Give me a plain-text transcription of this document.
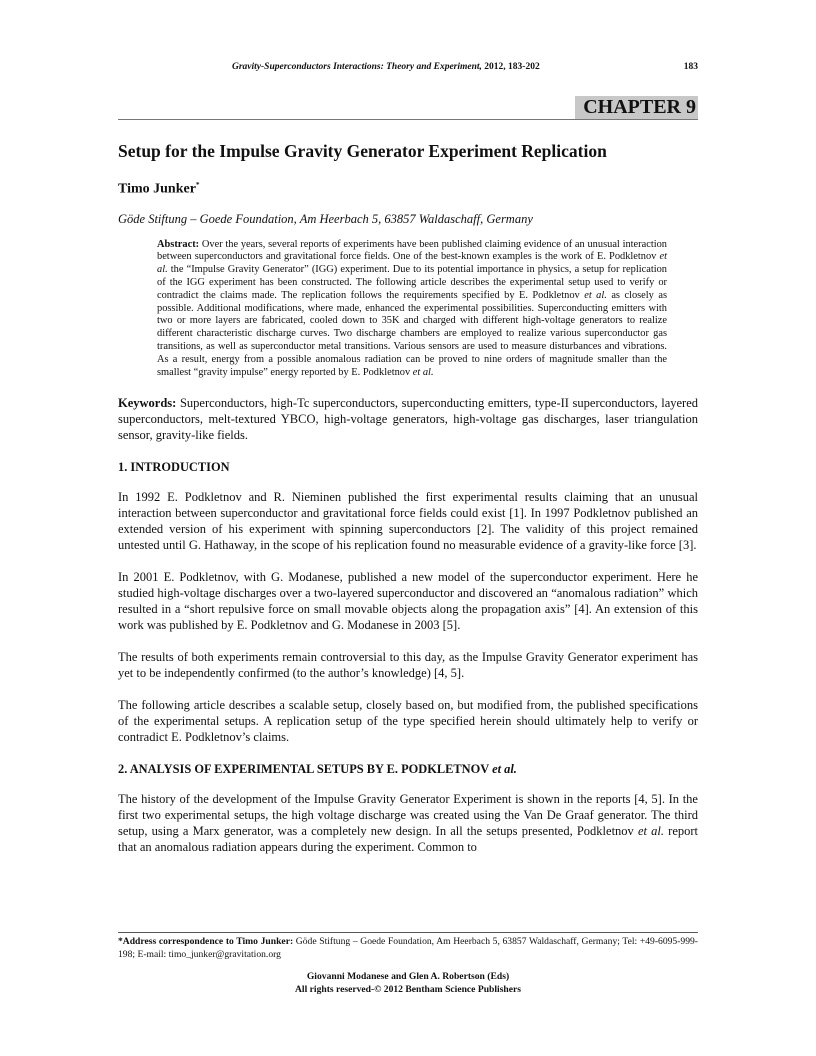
Gravity-Superconductors Interactions: Theory and Experiment, 2012, 183-202	183
CHAPTER 9
Setup for the Impulse Gravity Generator Experiment Replication
Timo Junker*
Göde Stiftung – Goede Foundation, Am Heerbach 5, 63857 Waldaschaff, Germany
Abstract: Over the years, several reports of experiments have been published claiming evidence of an unusual interaction between superconductors and gravitational force fields. One of the best-known examples is the work of E. Podkletnov et al. the “Impulse Gravity Generator” (IGG) experiment. Due to its potential importance in physics, a setup for replication of the IGG experiment has been constructed. The following article describes the experimental setup used to verify or contradict the claims made. The replication follows the requirements specified by E. Podkletnov et al. as closely as possible. Additional modifications, where made, enhanced the experimental possibilities. Superconducting emitters with two or more layers are fabricated, cooled down to 35K and charged with different high-voltage generators to realize different characteristic discharge curves. Two discharge chambers are employed to realize various superconductor gas transitions, as well as superconductor metal transitions. Various sensors are used to measure disturbances and vibrations. As a result, energy from a possible anomalous radiation can be proved to nine orders of magnitude smaller than the smallest “gravity impulse” energy reported by E. Podkletnov et al.
Keywords: Superconductors, high-Tc superconductors, superconducting emitters, type-II superconductors, layered superconductors, melt-textured YBCO, high-voltage generators, high-voltage gas discharges, laser triangulation sensor, gravity-like fields.
1. INTRODUCTION
In 1992 E. Podkletnov and R. Nieminen published the first experimental results claiming that an unusual interaction between superconductor and gravitational force fields could exist [1]. In 1997 Podkletnov published an extended version of his experiment with spinning superconductors [2]. The validity of this project remained untested until G. Hathaway, in the scope of his replication found no measurable evidence of a gravity-like force [3].
In 2001 E. Podkletnov, with G. Modanese, published a new model of the superconductor experiment. Here he studied high-voltage discharges over a two-layered superconductor and discovered an “anomalous radiation” which resulted in a “short repulsive force on small movable objects along the propagation axis” [4]. An extension of this work was published by E. Podkletnov and G. Modanese in 2003 [5].
The results of both experiments remain controversial to this day, as the Impulse Gravity Generator experiment has yet to be independently confirmed (to the author’s knowledge) [4, 5].
The following article describes a scalable setup, closely based on, but modified from, the published specifications of the experimental setups. A replication setup of the type specified herein should ultimately help to verify or contradict E. Podkletnov’s claims.
2. ANALYSIS OF EXPERIMENTAL SETUPS BY E. PODKLETNOV et al.
The history of the development of the Impulse Gravity Generator Experiment is shown in the reports [4, 5]. In the first two experimental setups, the high voltage discharge was created using the Van De Graaf generator. The third setup, using a Marx generator, was a completely new design. In all the setups presented, Podkletnov et al. report that an anomalous radiation appears during the experiment. Common to
*Address correspondence to Timo Junker: Göde Stiftung – Goede Foundation, Am Heerbach 5, 63857 Waldaschaff, Germany; Tel: +49-6095-999-198; E-mail: timo_junker@gravitation.org
Giovanni Modanese and Glen A. Robertson (Eds)
All rights reserved-© 2012 Bentham Science Publishers
